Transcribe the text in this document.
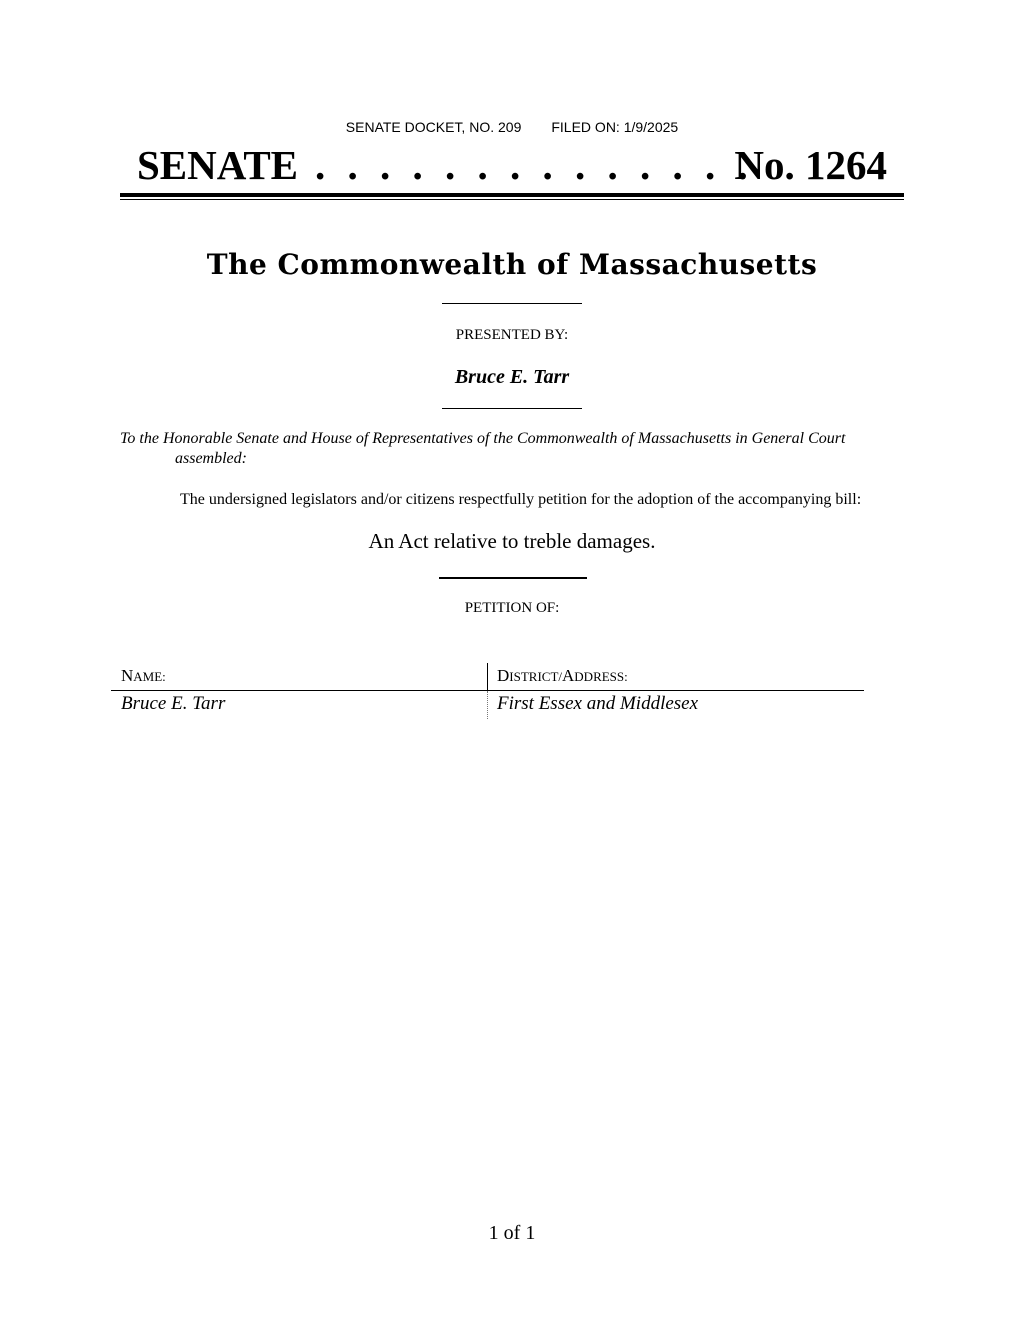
SENATE DOCKET, NO. 209 FILED ON: 1/9/2025
SENATE . . . . . . . . . . . . . .
No. 1264
The Commonwealth of Massachusetts
PRESENTED BY:
Bruce E. Tarr
To the Honorable Senate and House of Representatives of the Commonwealth of Massachusetts in General Court assembled:
The undersigned legislators and/or citizens respectfully petition for the adoption of the accompanying bill:
An Act relative to treble damages.
PETITION OF:
NAME:	DISTRICT/ADDRESS:
Bruce E. Tarr	First Essex and Middlesex
1 of 1
